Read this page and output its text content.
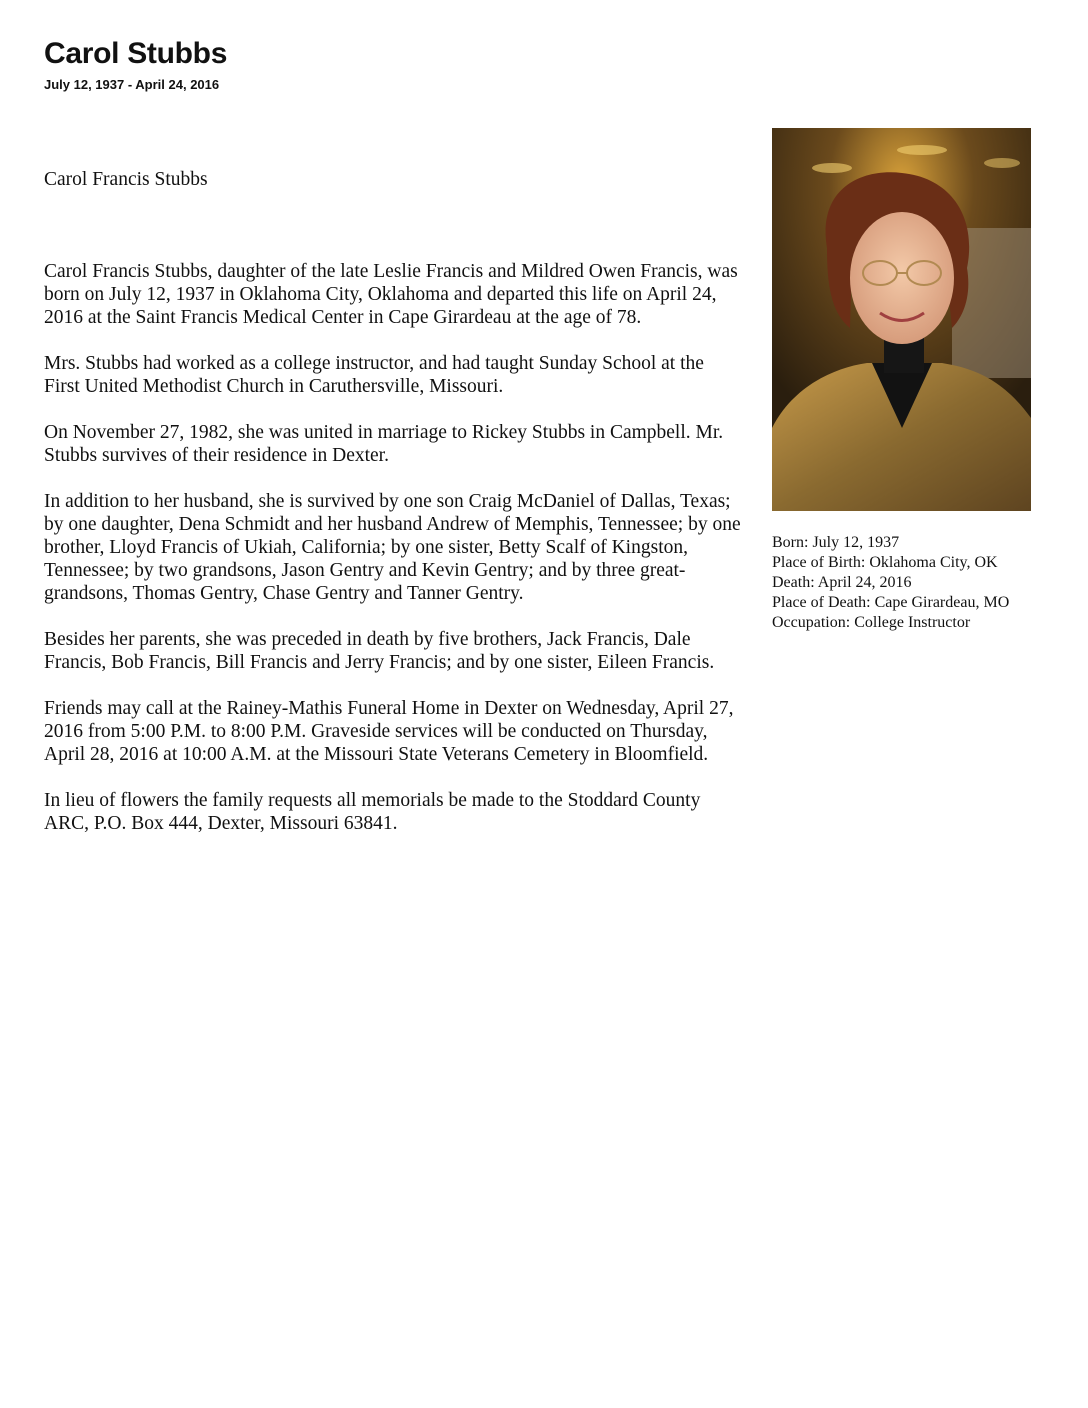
Carol Stubbs
July 12, 1937 - April 24, 2016

Carol Francis Stubbs

Carol Francis Stubbs, daughter of the late Leslie Francis and Mildred Owen Francis, was born on July 12, 1937 in Oklahoma City, Oklahoma and departed this life on April 24, 2016 at the Saint Francis Medical Center in Cape Girardeau at the age of 78.

Mrs. Stubbs had worked as a college instructor, and had taught Sunday School at the First United Methodist Church in Caruthersville, Missouri.

On November 27, 1982, she was united in marriage to Rickey Stubbs in Campbell. Mr. Stubbs survives of their residence in Dexter.

In addition to her husband, she is survived by one son Craig McDaniel of Dallas, Texas; by one daughter, Dena Schmidt and her husband Andrew of Memphis, Tennessee; by one brother, Lloyd Francis of Ukiah, California; by one sister, Betty Scalf of Kingston, Tennessee; by two grandsons, Jason Gentry and Kevin Gentry; and by three great-grandsons, Thomas Gentry, Chase Gentry and Tanner Gentry.

Besides her parents, she was preceded in death by five brothers, Jack Francis, Dale Francis, Bob Francis, Bill Francis and Jerry Francis; and by one sister, Eileen Francis.

Friends may call at the Rainey-Mathis Funeral Home in Dexter on Wednesday, April 27, 2016 from 5:00 P.M. to 8:00 P.M. Graveside services will be conducted on Thursday, April 28, 2016 at 10:00 A.M. at the Missouri State Veterans Cemetery in Bloomfield.

In lieu of flowers the family requests all memorials be made to the Stoddard County ARC, P.O. Box 444, Dexter, Missouri 63841.

Born: July 12, 1937
Place of Birth: Oklahoma City, OK
Death: April 24, 2016
Place of Death: Cape Girardeau, MO
Occupation: College Instructor
